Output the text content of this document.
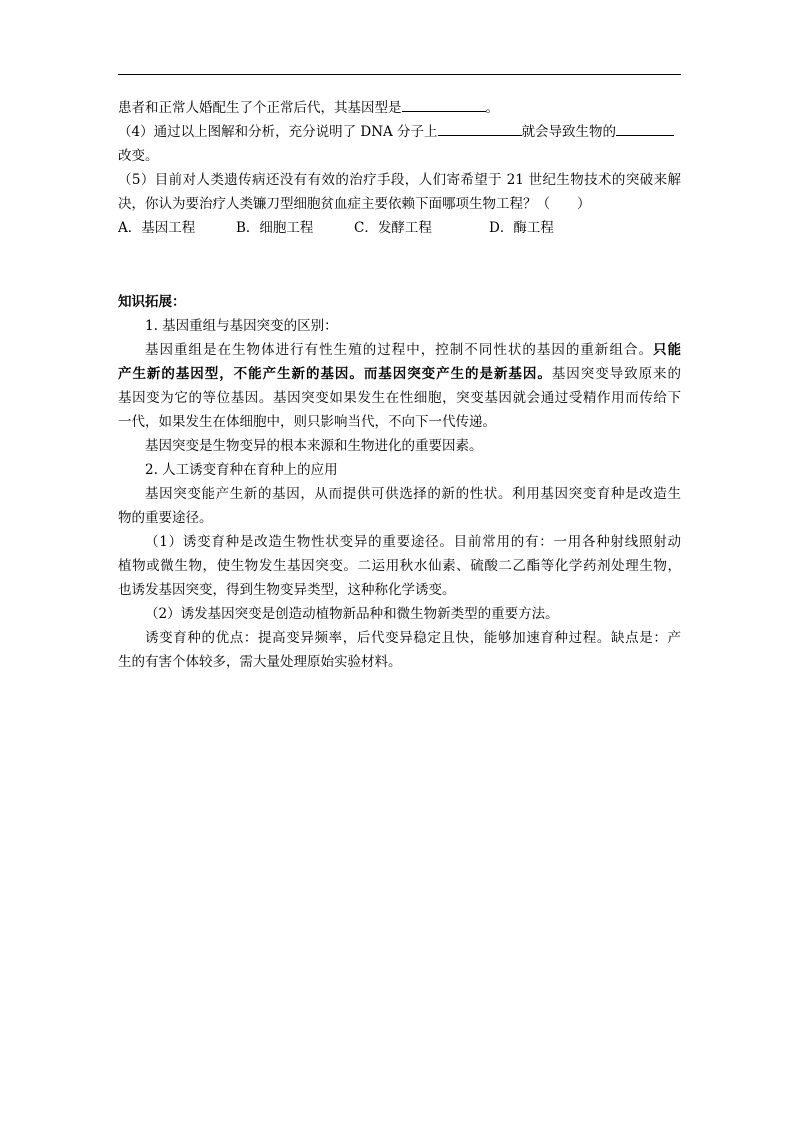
患者和正常人婚配生了个正常后代，其基因型是	。
（4）通过以上图解和分析，充分说明了 DNA 分子上	就会导致生物的
改变。
（5）目前对人类遗传病还没有有效的治疗手段，人们寄希望于 21 世纪生物技术的突破来解
决，你认为要治疗人类镰刀型细胞贫血症主要依赖下面哪项生物工程？（　　）
A．基因工程	B．细胞工程	C．发酵工程	D．酶工程
知识拓展：
1. 基因重组与基因突变的区别：
基因重组是在生物体进行有性生殖的过程中，控制不同性状的基因的重新组合。只能
产生新的基因型，不能产生新的基因。而基因突变产生的是新基因。基因突变导致原来的
基因变为它的等位基因。基因突变如果发生在性细胞，突变基因就会通过受精作用而传给下
一代，如果发生在体细胞中，则只影响当代，不向下一代传递。
基因突变是生物变异的根本来源和生物进化的重要因素。
2. 人工诱变育种在育种上的应用
基因突变能产生新的基因，从而提供可供选择的新的性状。利用基因突变育种是改造生
物的重要途径。
（1）诱变育种是改造生物性状变异的重要途径。目前常用的有：一用各种射线照射动
植物或微生物，使生物发生基因突变。二运用秋水仙素、硫酸二乙酯等化学药剂处理生物，
也诱发基因突变，得到生物变异类型，这种称化学诱变。
（2）诱发基因突变是创造动植物新品种和微生物新类型的重要方法。
诱变育种的优点：提高变异频率，后代变异稳定且快，能够加速育种过程。缺点是：产
生的有害个体较多，需大量处理原始实验材料。
